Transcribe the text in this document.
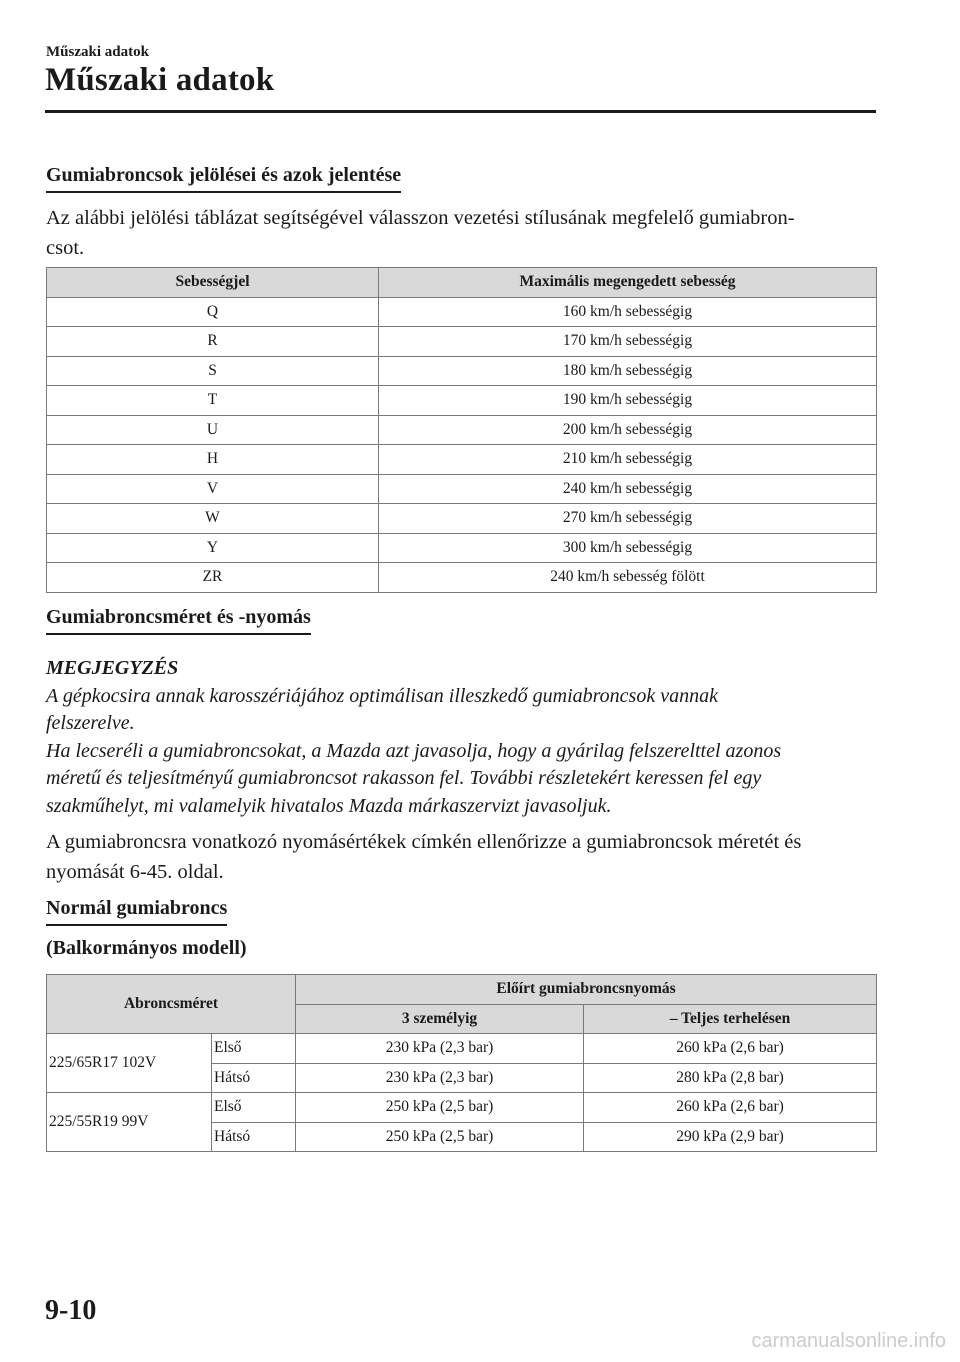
Műszaki adatok
Műszaki adatok
Gumiabroncsok jelölései és azok jelentése
Az alábbi jelölési táblázat segítségével válasszon vezetési stílusának megfelelő gumiabron-
csot.
Sebességjel	Maximális megengedett sebesség
Q	160 km/h sebességig
R	170 km/h sebességig
S	180 km/h sebességig
T	190 km/h sebességig
U	200 km/h sebességig
H	210 km/h sebességig
V	240 km/h sebességig
W	270 km/h sebességig
Y	300 km/h sebességig
ZR	240 km/h sebesség fölött
Gumiabroncsméret és -nyomás
MEGJEGYZÉS
A gépkocsira annak karosszériájához optimálisan illeszkedő gumiabroncsok vannak
felszerelve.
Ha lecseréli a gumiabroncsokat, a Mazda azt javasolja, hogy a gyárilag felszerelttel azonos
méretű és teljesítményű gumiabroncsot rakasson fel. További részletekért keressen fel egy
szakműhelyt, mi valamelyik hivatalos Mazda márkaszervizt javasoljuk.
A gumiabroncsra vonatkozó nyomásértékek címkén ellenőrizze a gumiabroncsok méretét és
nyomását 6-45. oldal.
Normál gumiabroncs
(Balkormányos modell)
Abroncsméret		Előírt gumiabroncsnyomás	
		3 személyig	– Teljes terhelésen
225/65R17 102V	Első	230 kPa (2,3 bar)	260 kPa (2,6 bar)
	Hátsó	230 kPa (2,3 bar)	280 kPa (2,8 bar)
225/55R19 99V	Első	250 kPa (2,5 bar)	260 kPa (2,6 bar)
	Hátsó	250 kPa (2,5 bar)	290 kPa (2,9 bar)
9-10
carmanualsonline.info
